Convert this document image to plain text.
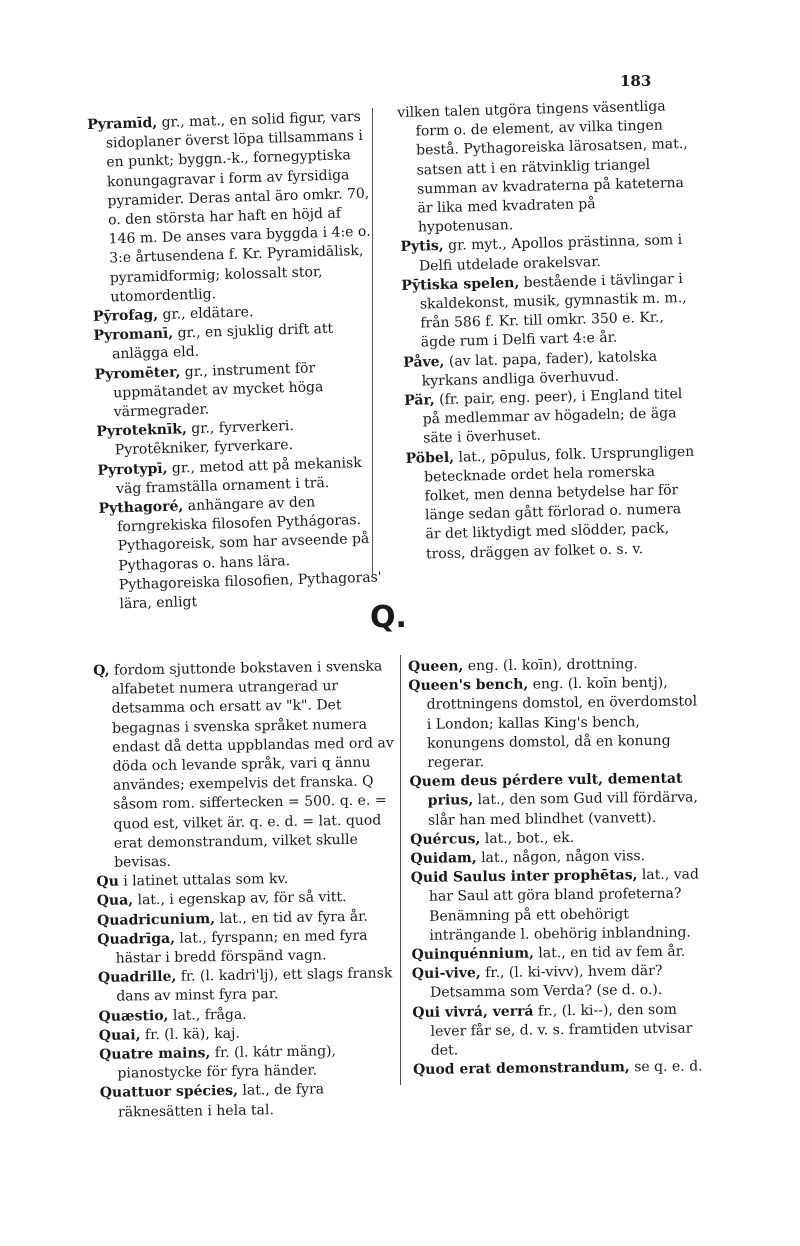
183

Pyramīd, gr., mat., en solid figur, vars sidoplaner överst löpa tillsammans i en punkt; byggn.-k., fornegyptiska konungagravar i form av fyrsidiga pyramider. Deras antal äro omkr. 70, o. den största har haft en höjd af 146 m. De anses vara byggda i 4:e o. 3:e årtusendena f. Kr. Pyramidālisk, pyramidformig; kolossalt stor, utomordentlig.

Pȳrofag, gr., eldätare.

Pyromanī, gr., en sjuklig drift att anlägga eld.

Pyromēter, gr., instrument för uppmätandet av mycket höga värmegrader.

Pyroteknīk, gr., fyrverkeri. Pyrotēkniker, fyrverkare.

Pyrotypī, gr., metod att på mekanisk väg framställa ornament i trä.

Pythagoré, anhängare av den forngrekiska filosofen Pythágoras. Pythagoreisk, som har avseende på Pythagoras o. hans lära. Pythagoreiska filosofien, Pythagoras' lära, enligt

vilken talen utgöra tingens väsentliga form o. de element, av vilka tingen bestå. Pythagoreiska lärosatsen, mat., satsen att i en rätvinklig triangel summan av kvadraterna på kateterna är lika med kvadraten på hypotenusan.

Pytis, gr. myt., Apollos prästinna, som i Delfi utdelade orakelsvar.

Pȳtiska spelen, bestående i tävlingar i skaldekonst, musik, gymnastik m. m., från 586 f. Kr. till omkr. 350 e. Kr., ägde rum i Delfi vart 4:e år.

Påve, (av lat. papa, fader), katolska kyrkans andliga överhuvud.

Pär, (fr. pair, eng. peer), i England titel på medlemmar av högadeln; de äga säte i överhuset.

Pöbel, lat., pōpulus, folk. Ursprungligen betecknade ordet hela romerska folket, men denna betydelse har för länge sedan gått förlorad o. numera är det liktydigt med slödder, pack, tross, dräggen av folket o. s. v.

Q.

Q, fordom sjuttonde bokstaven i svenska alfabetet numera utrangerad ur detsamma och ersatt av "k". Det begagnas i svenska språket numera endast då detta uppblandas med ord av döda och levande språk, vari q ännu användes; exempelvis det franska. Q såsom rom. siffertecken = 500. q. e. = quod est, vilket är. q. e. d. = lat. quod erat demonstrandum, vilket skulle bevisas.

Qu i latinet uttalas som kv.

Qua, lat., i egenskap av, för så vitt.

Quadricunium, lat., en tid av fyra år.

Quadrīga, lat., fyrspann; en med fyra hästar i bredd förspänd vagn.

Quadrille, fr. (l. kadri'lj), ett slags fransk dans av minst fyra par.

Quæstio, lat., fråga.

Quai, fr. (l. kä), kaj.

Quatre mains, fr. (l. kátr mäng), pianostycke för fyra händer.

Quattuor spécies, lat., de fyra räknesätten i hela tal.

Queen, eng. (l. koīn), drottning.

Queen's bench, eng. (l. koīn bentj), drottningens domstol, en överdomstol i London; kallas King's bench, konungens domstol, då en konung regerar.

Quem deus pérdere vult, dementat prius, lat., den som Gud vill fördärva, slår han med blindhet (vanvett).

Quércus, lat., bot., ek.

Quidam, lat., någon, någon viss.

Quid Saulus inter prophētas, lat., vad har Saul att göra bland profeterna? Benämning på ett obehörigt inträngande l. obehörig inblandning.

Quinquénnium, lat., en tid av fem år.

Qui-vive, fr., (l. ki-vivv), hvem där? Detsamma som Verda? (se d. o.).

Qui vivrá, verrá fr., (l. ki--), den som lever får se, d. v. s. framtiden utvisar det.

Quod erat demonstrandum, se q. e. d.
